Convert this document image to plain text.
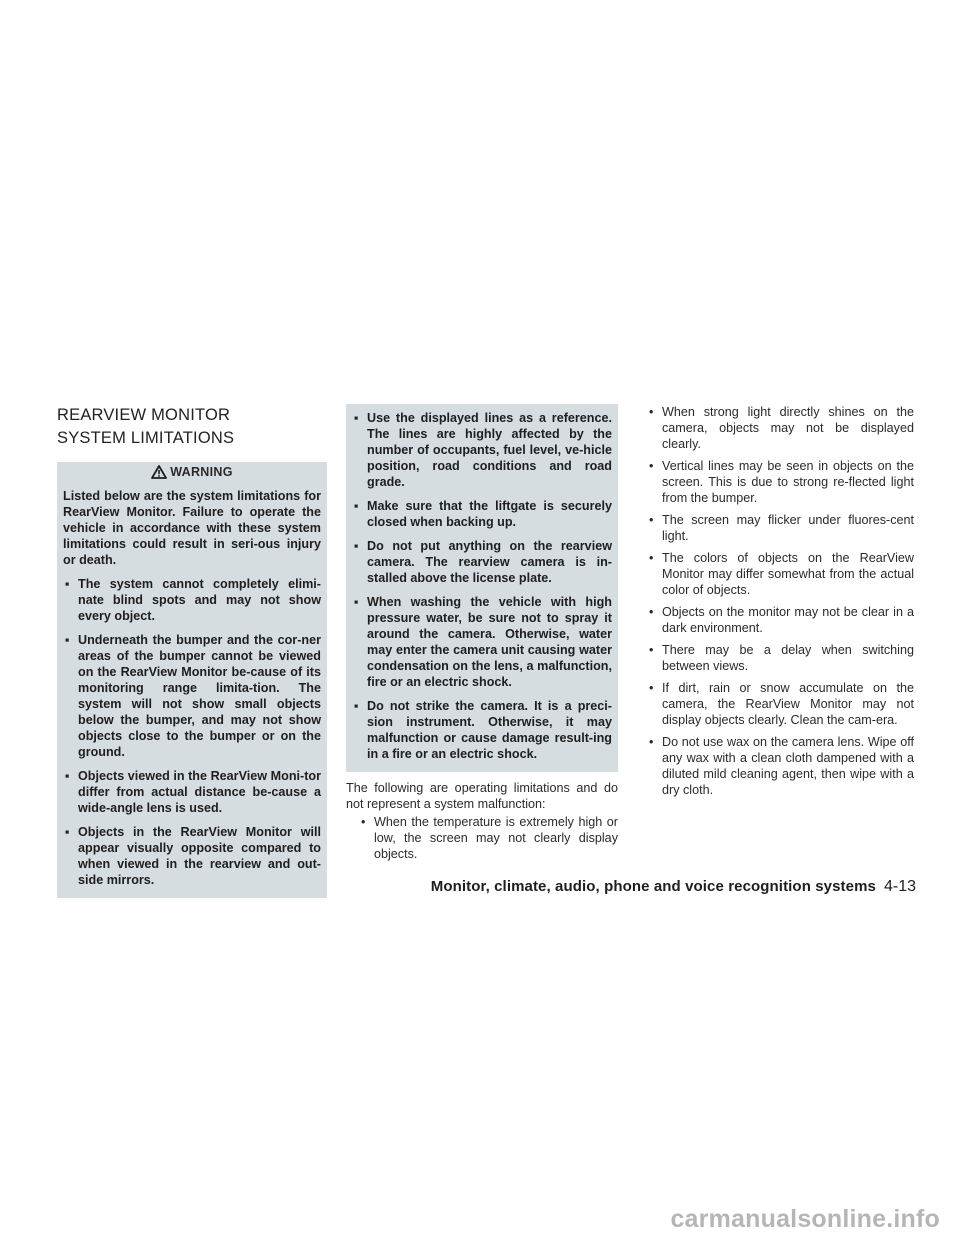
REARVIEW MONITOR SYSTEM LIMITATIONS
WARNING

Listed below are the system limitations for RearView Monitor. Failure to operate the vehicle in accordance with these system limitations could result in seri-ous injury or death.

▪ The system cannot completely elimi-nate blind spots and may not show every object.
▪ Underneath the bumper and the cor-ner areas of the bumper cannot be viewed on the RearView Monitor be-cause of its monitoring range limita-tion. The system will not show small objects below the bumper, and may not show objects close to the bumper or on the ground.
▪ Objects viewed in the RearView Moni-tor differ from actual distance be-cause a wide-angle lens is used.
▪ Objects in the RearView Monitor will appear visually opposite compared to when viewed in the rearview and out-side mirrors.
▪ Use the displayed lines as a reference. The lines are highly affected by the number of occupants, fuel level, ve-hicle position, road conditions and road grade.
▪ Make sure that the liftgate is securely closed when backing up.
▪ Do not put anything on the rearview camera. The rearview camera is in-stalled above the license plate.
▪ When washing the vehicle with high pressure water, be sure not to spray it around the camera. Otherwise, water may enter the camera unit causing water condensation on the lens, a malfunction, fire or an electric shock.
▪ Do not strike the camera. It is a preci-sion instrument. Otherwise, it may malfunction or cause damage result-ing in a fire or an electric shock.

The following are operating limitations and do not represent a system malfunction:

• When the temperature is extremely high or low, the screen may not clearly display objects.
• When strong light directly shines on the camera, objects may not be displayed clearly.
• Vertical lines may be seen in objects on the screen. This is due to strong re-flected light from the bumper.
• The screen may flicker under fluores-cent light.
• The colors of objects on the RearView Monitor may differ somewhat from the actual color of objects.
• Objects on the monitor may not be clear in a dark environment.
• There may be a delay when switching between views.
• If dirt, rain or snow accumulate on the camera, the RearView Monitor may not display objects clearly. Clean the cam-era.
• Do not use wax on the camera lens. Wipe off any wax with a clean cloth dampened with a diluted mild cleaning agent, then wipe with a dry cloth.
Monitor, climate, audio, phone and voice recognition systems 4-13
carmanualsonline.info
